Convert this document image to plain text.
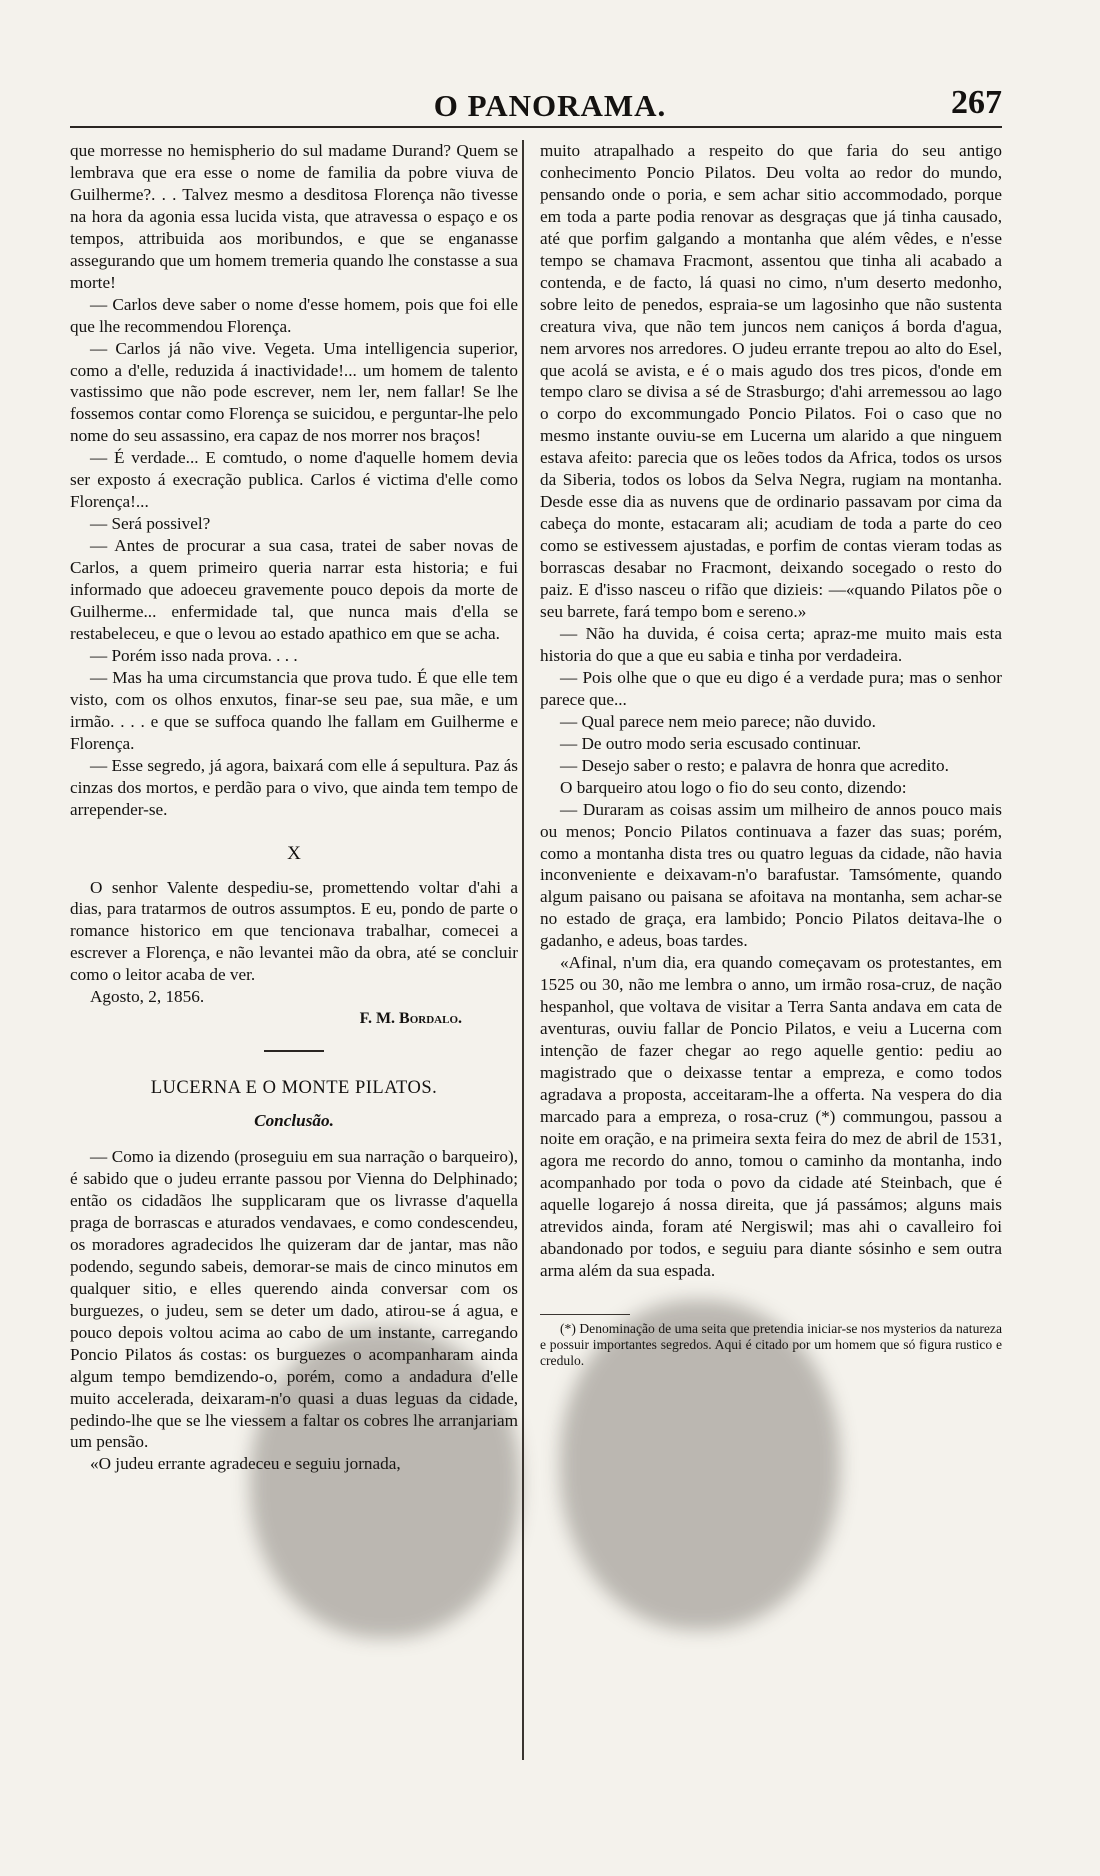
O PANORAMA.	267

que morresse no hemispherio do sul madame Durand? Quem se lembrava que era esse o nome de familia da pobre viuva de Guilherme?. . . Talvez mesmo a desditosa Florença não tivesse na hora da agonia essa lucida vista, que atravessa o espaço e os tempos, attribuida aos moribundos, e que se enganasse assegurando que um homem tremeria quando lhe constasse a sua morte!

— Carlos deve saber o nome d'esse homem, pois que foi elle que lhe recommendou Florença.

— Carlos já não vive. Vegeta. Uma intelligencia superior, como a d'elle, reduzida á inactividade!... um homem de talento vastissimo que não pode escrever, nem ler, nem fallar! Se lhe fossemos contar como Florença se suicidou, e perguntar-lhe pelo nome do seu assassino, era capaz de nos morrer nos braços!

— É verdade... E comtudo, o nome d'aquelle homem devia ser exposto á execração publica. Carlos é victima d'elle como Florença!...

— Será possivel?

— Antes de procurar a sua casa, tratei de saber novas de Carlos, a quem primeiro queria narrar esta historia; e fui informado que adoeceu gravemente pouco depois da morte de Guilherme... enfermidade tal, que nunca mais d'ella se restabeleceu, e que o levou ao estado apathico em que se acha.

— Porém isso nada prova. . . .

— Mas ha uma circumstancia que prova tudo. É que elle tem visto, com os olhos enxutos, finar-se seu pae, sua mãe, e um irmão. . . . e que se suffoca quando lhe fallam em Guilherme e Florença.

— Esse segredo, já agora, baixará com elle á sepultura. Paz ás cinzas dos mortos, e perdão para o vivo, que ainda tem tempo de arrepender-se.

X

O senhor Valente despediu-se, promettendo voltar d'ahi a dias, para tratarmos de outros assumptos. E eu, pondo de parte o romance historico em que tencionava trabalhar, comecei a escrever a Florença, e não levantei mão da obra, até se concluir como o leitor acaba de ver.

Agosto, 2, 1856.

F. M. Bordalo.
LUCERNA E O MONTE PILATOS.
Conclusão.

— Como ia dizendo (proseguiu em sua narração o barqueiro), é sabido que o judeu errante passou por Vienna do Delphinado; então os cidadãos lhe supplicaram que os livrasse d'aquella praga de borrascas e aturados vendavaes, e como condescendeu, os moradores agradecidos lhe quizeram dar de jantar, mas não podendo, segundo sabeis, demorar-se mais de cinco minutos em qualquer sitio, e elles querendo ainda conversar com os burguezes, o judeu, sem se deter um dado, atirou-se á agua, e pouco depois voltou acima ao cabo de um instante, carregando Poncio Pilatos ás costas: os burguezes o acompanharam ainda algum tempo bemdizendo-o, porém, como a andadura d'elle muito accelerada, deixaram-n'o quasi a duas leguas da cidade, pedindo-lhe que se lhe viessem a faltar os cobres lhe arranjariam um pensão.

«O judeu errante agradeceu e seguiu jornada,

muito atrapalhado a respeito do que faria do seu antigo conhecimento Poncio Pilatos. Deu volta ao redor do mundo, pensando onde o poria, e sem achar sitio accommodado, porque em toda a parte podia renovar as desgraças que já tinha causado, até que porfim galgando a montanha que além vêdes, e n'esse tempo se chamava Fracmont, assentou que tinha ali acabado a contenda, e de facto, lá quasi no cimo, n'um deserto medonho, sobre leito de penedos, espraia-se um lagosinho que não sustenta creatura viva, que não tem juncos nem caniços á borda d'agua, nem arvores nos arredores. O judeu errante trepou ao alto do Esel, que acolá se avista, e é o mais agudo dos tres picos, d'onde em tempo claro se divisa a sé de Strasburgo; d'ahi arremessou ao lago o corpo do excommungado Poncio Pilatos. Foi o caso que no mesmo instante ouviu-se em Lucerna um alarido a que ninguem estava afeito: parecia que os leões todos da Africa, todos os ursos da Siberia, todos os lobos da Selva Negra, rugiam na montanha. Desde esse dia as nuvens que de ordinario passavam por cima da cabeça do monte, estacaram ali; acudiam de toda a parte do ceo como se estivessem ajustadas, e porfim de contas vieram todas as borrascas desabar no Fracmont, deixando socegado o resto do paiz. E d'isso nasceu o rifão que dizieis: —«quando Pilatos põe o seu barrete, fará tempo bom e sereno.»

— Não ha duvida, é coisa certa; apraz-me muito mais esta historia do que a que eu sabia e tinha por verdadeira.

— Pois olhe que o que eu digo é a verdade pura; mas o senhor parece que...

— Qual parece nem meio parece; não duvido.

— De outro modo seria escusado continuar.

— Desejo saber o resto; e palavra de honra que acredito.

O barqueiro atou logo o fio do seu conto, dizendo:

— Duraram as coisas assim um milheiro de annos pouco mais ou menos; Poncio Pilatos continuava a fazer das suas; porém, como a montanha dista tres ou quatro leguas da cidade, não havia inconveniente e deixavam-n'o barafustar. Tamsómente, quando algum paisano ou paisana se afoitava na montanha, sem achar-se no estado de graça, era lambido; Poncio Pilatos deitava-lhe o gadanho, e adeus, boas tardes.

«Afinal, n'um dia, era quando começavam os protestantes, em 1525 ou 30, não me lembra o anno, um irmão rosa-cruz, de nação hespanhol, que voltava de visitar a Terra Santa andava em cata de aventuras, ouviu fallar de Poncio Pilatos, e veiu a Lucerna com intenção de fazer chegar ao rego aquelle gentio: pediu ao magistrado que o deixasse tentar a empreza, e como todos agradava a proposta, acceitaram-lhe a offerta. Na vespera do dia marcado para a empreza, o rosa-cruz (*) commungou, passou a noite em oração, e na primeira sexta feira do mez de abril de 1531, agora me recordo do anno, tomou o caminho da montanha, indo acompanhado por toda o povo da cidade até Steinbach, que é aquelle logarejo á nossa direita, que já passámos; alguns mais atrevidos ainda, foram até Nergiswil; mas ahi o cavalleiro foi abandonado por todos, e seguiu para diante sósinho e sem outra arma além da sua espada.

(*) Denominação de uma seita que pretendia iniciar-se nos mysterios da natureza e possuir importantes segredos. Aqui é citado por um homem que só figura rustico e credulo.
